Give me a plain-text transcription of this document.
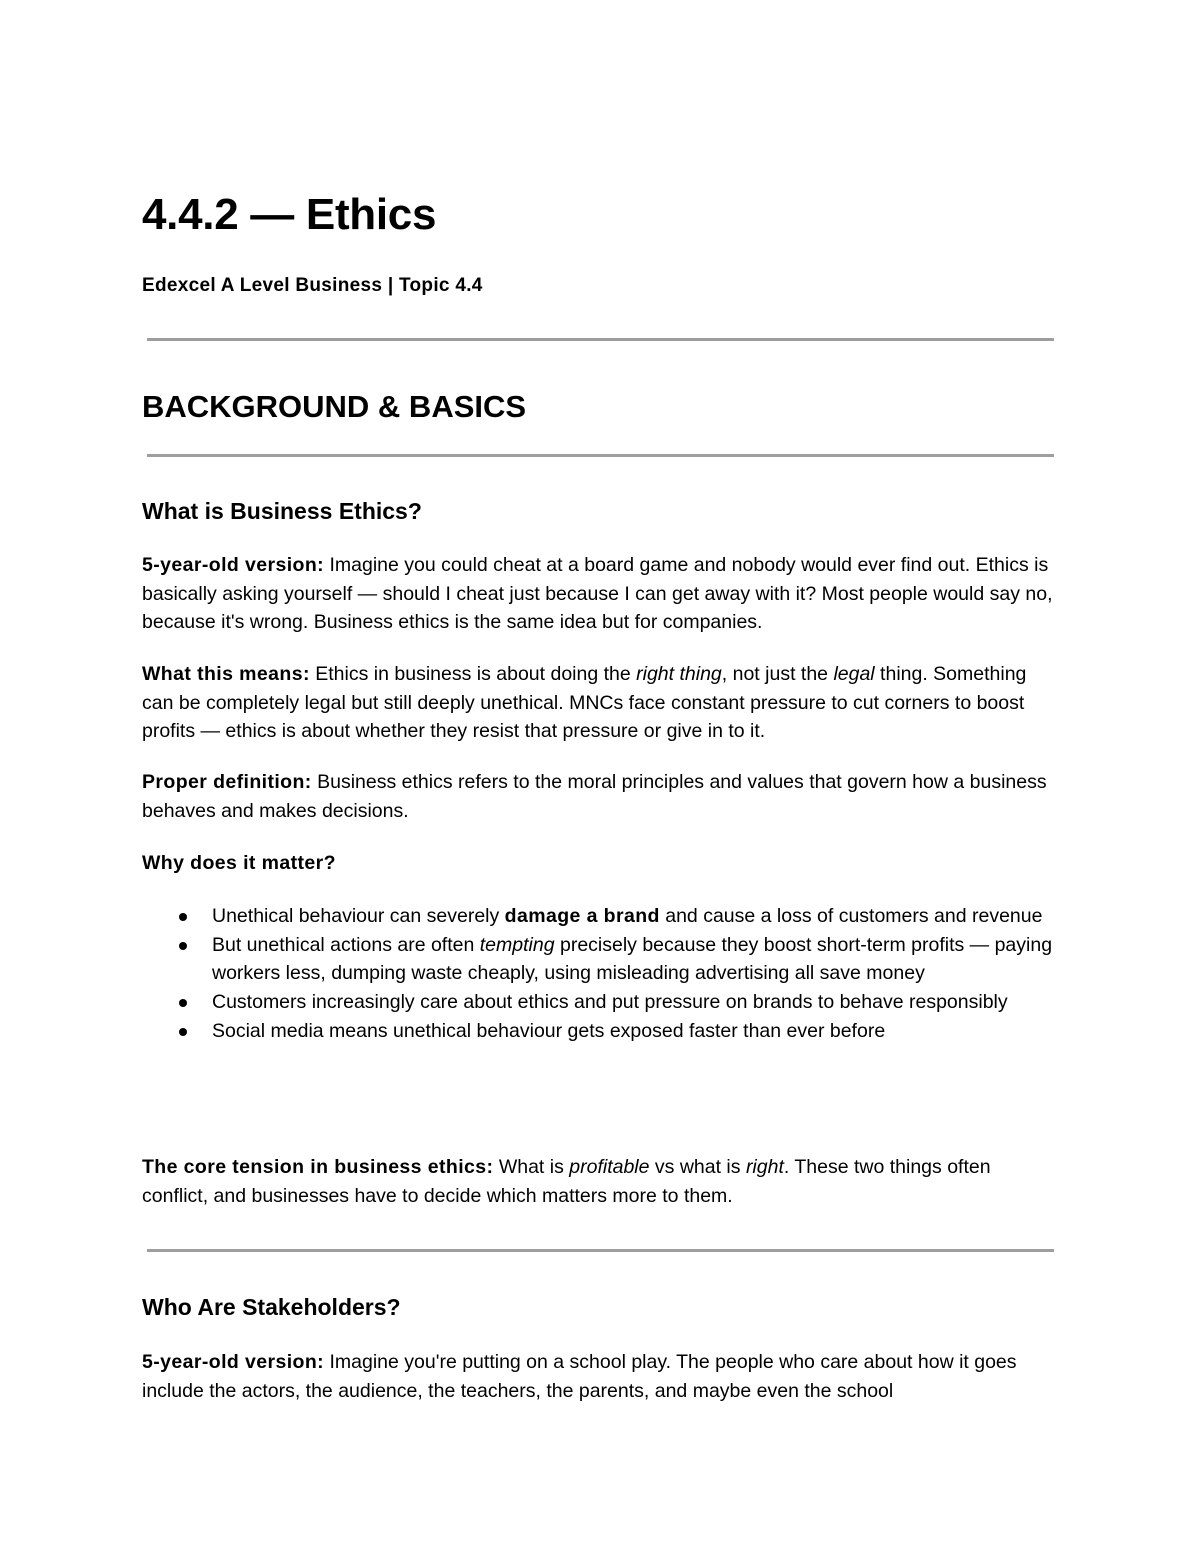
4.4.2 — Ethics

Edexcel A Level Business | Topic 4.4

BACKGROUND & BASICS
What is Business Ethics?

5-year-old version: Imagine you could cheat at a board game and nobody would ever find out. Ethics is basically asking yourself — should I cheat just because I can get away with it? Most people would say no, because it's wrong. Business ethics is the same idea but for companies.

What this means: Ethics in business is about doing the right thing, not just the legal thing. Something can be completely legal but still deeply unethical. MNCs face constant pressure to cut corners to boost profits — ethics is about whether they resist that pressure or give in to it.

Proper definition: Business ethics refers to the moral principles and values that govern how a business behaves and makes decisions.

Why does it matter?

Unethical behaviour can severely damage a brand and cause a loss of customers and revenue
But unethical actions are often tempting precisely because they boost short-term profits — paying workers less, dumping waste cheaply, using misleading advertising all save money
Customers increasingly care about ethics and put pressure on brands to behave responsibly
Social media means unethical behaviour gets exposed faster than ever before

The core tension in business ethics: What is profitable vs what is right. These two things often conflict, and businesses have to decide which matters more to them.

Who Are Stakeholders?

5-year-old version: Imagine you're putting on a school play. The people who care about how it goes include the actors, the audience, the teachers, the parents, and maybe even the school
